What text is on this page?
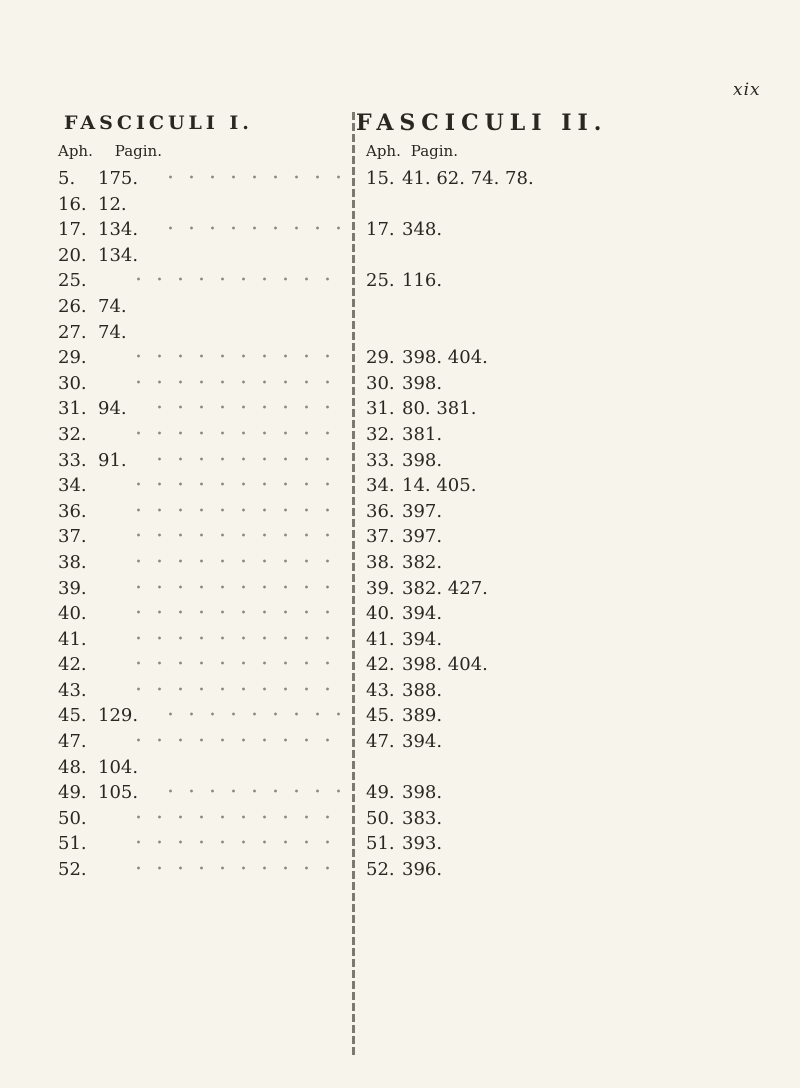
xix
FASCICULI I.
Aph. Pagin.
5. 175.
16. 12.
17. 134.
20. 134.
25.
26. 74.
27. 74.
29.
30.
31. 94.
32.
33. 91.
34.
36.
37.
38.
39.
40.
41.
42.
43.
45. 129.
47.
48. 104.
49. 105.
50.
51.
52.
FASCICULI II.
Aph. Pagin.
15. 41. 62. 74. 78.
17. 348.
25. 116.
29. 398. 404.
30. 398.
31. 80. 381.
32. 381.
33. 398.
34. 14. 405.
36. 397.
37. 397.
38. 382.
39. 382. 427.
40. 394.
41. 394.
42. 398. 404.
43. 388.
45. 389.
47. 394.
49. 398.
50. 383.
51. 393.
52. 396.
